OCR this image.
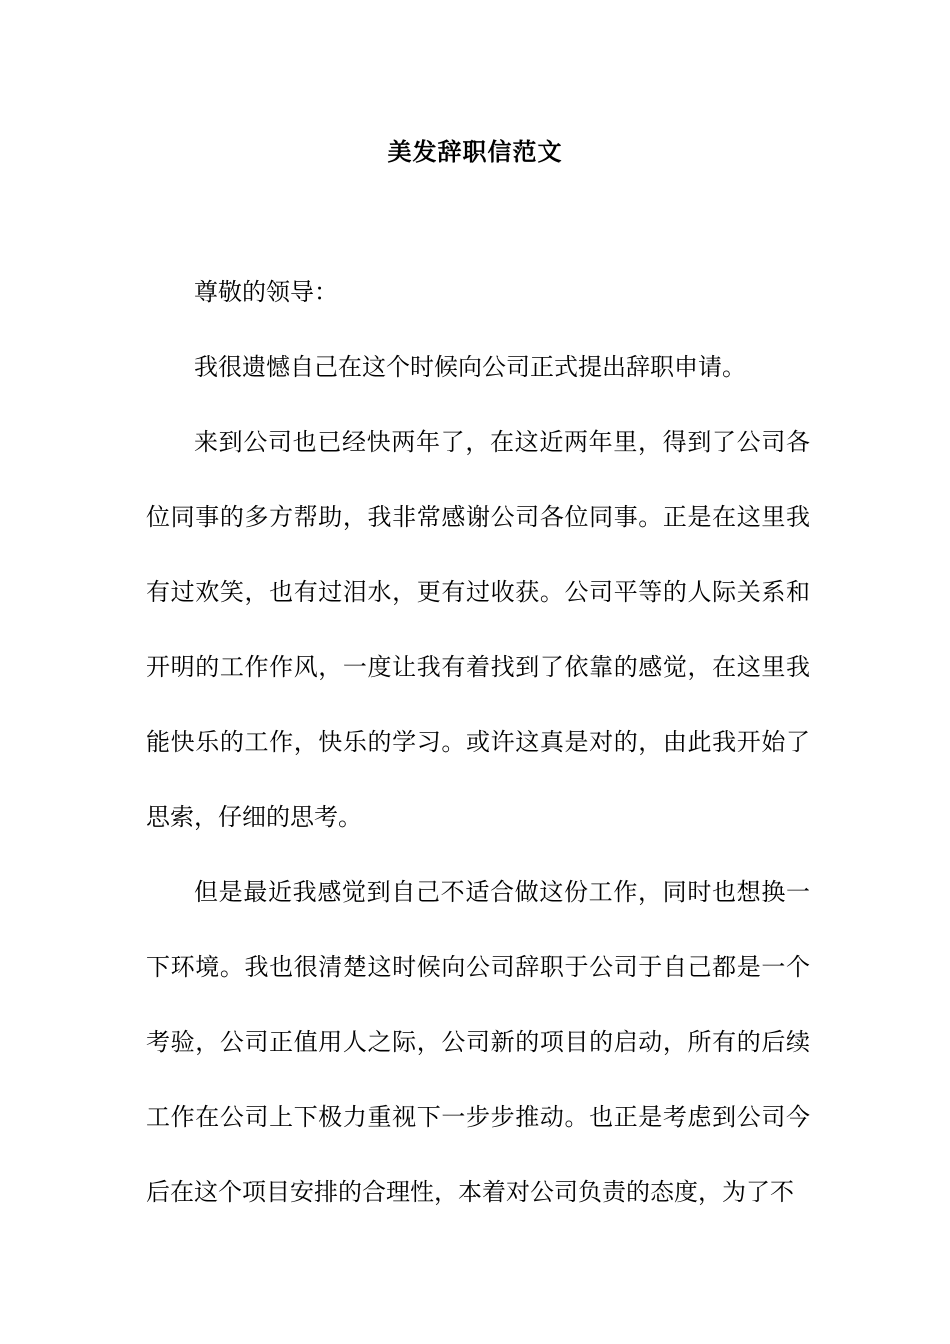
美发辞职信范文

尊敬的领导：

我很遗憾自己在这个时候向公司正式提出辞职申请。

来到公司也已经快两年了，在这近两年里，得到了公司各位同事的多方帮助，我非常感谢公司各位同事。正是在这里我有过欢笑，也有过泪水，更有过收获。公司平等的人际关系和开明的工作作风，一度让我有着找到了依靠的感觉，在这里我能快乐的工作，快乐的学习。或许这真是对的，由此我开始了思索，仔细的思考。

但是最近我感觉到自己不适合做这份工作，同时也想换一下环境。我也很清楚这时候向公司辞职于公司于自己都是一个考验，公司正值用人之际，公司新的项目的启动，所有的后续工作在公司上下极力重视下一步步推动。也正是考虑到公司今后在这个项目安排的合理性，本着对公司负责的态度，为了不
